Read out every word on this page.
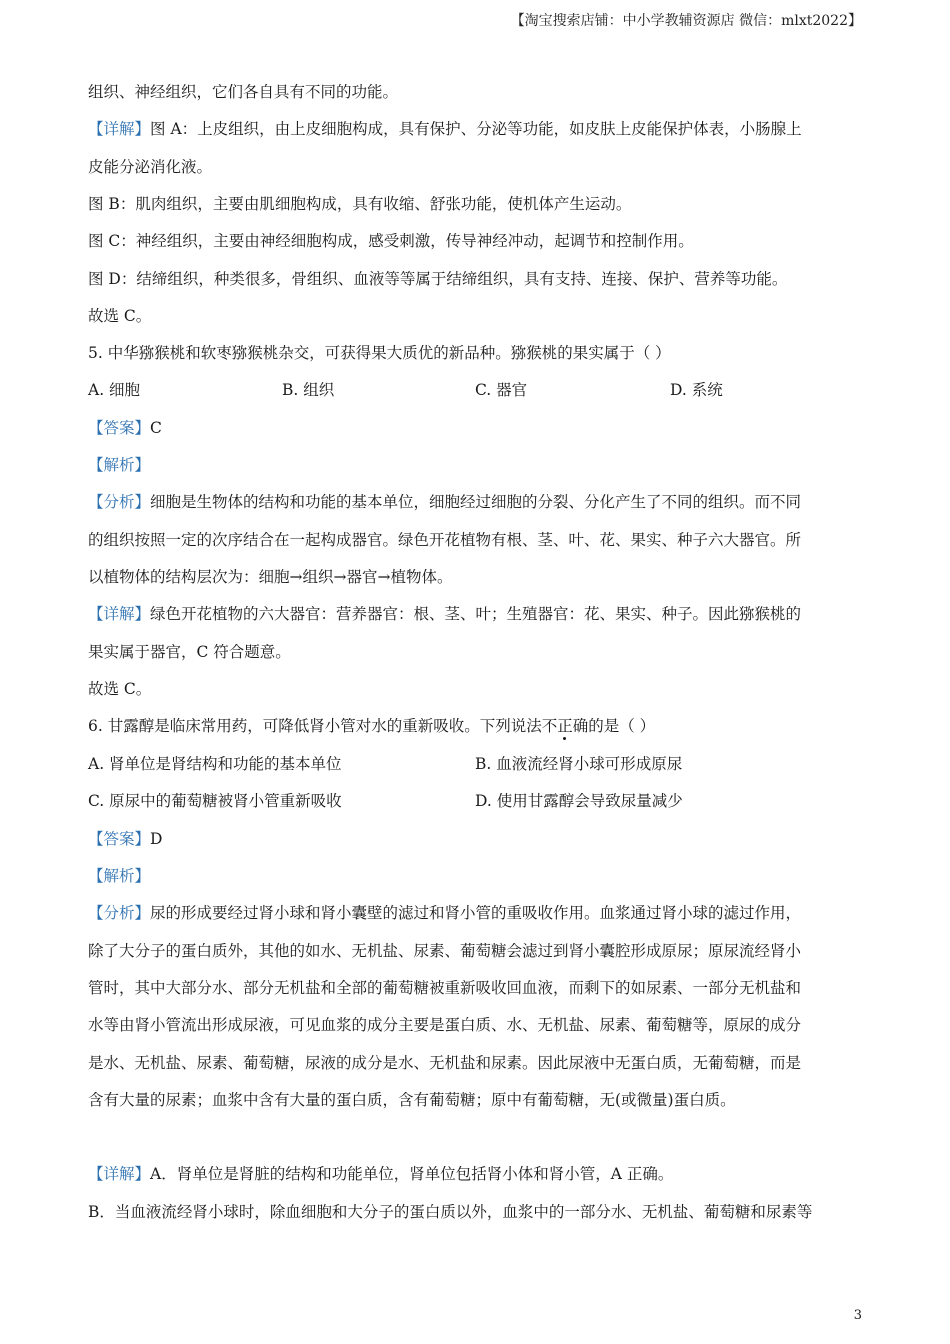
【淘宝搜索店铺：中小学教辅资源店 微信：mlxt2022】
组织、神经组织，它们各自具有不同的功能。
【详解】图 A：上皮组织，由上皮细胞构成，具有保护、分泌等功能，如皮肤上皮能保护体表，小肠腺上
皮能分泌消化液。
图 B：肌肉组织，主要由肌细胞构成，具有收缩、舒张功能，使机体产生运动。
图 C：神经组织，主要由神经细胞构成，感受刺激，传导神经冲动，起调节和控制作用。
图 D：结缔组织，种类很多，骨组织、血液等等属于结缔组织，具有支持、连接、保护、营养等功能。
故选 C。
5. 中华猕猴桃和软枣猕猴桃杂交，可获得果大质优的新品种。猕猴桃的果实属于（ ）
A. 细胞	B. 组织	C. 器官	D. 系统
【答案】C
【解析】
【分析】细胞是生物体的结构和功能的基本单位，细胞经过细胞的分裂、分化产生了不同的组织。而不同
的组织按照一定的次序结合在一起构成器官。绿色开花植物有根、茎、叶、花、果实、种子六大器官。所
以植物体的结构层次为：细胞→组织→器官→植物体。
【详解】绿色开花植物的六大器官：营养器官：根、茎、叶；生殖器官：花、果实、种子。因此猕猴桃的
果实属于器官，C 符合题意。
故选 C。
6. 甘露醇是临床常用药，可降低肾小管对水的重新吸收。下列说法不正确的是（ ）
A. 肾单位是肾结构和功能的基本单位	B. 血液流经肾小球可形成原尿
C. 原尿中的葡萄糖被肾小管重新吸收	D. 使用甘露醇会导致尿量减少
【答案】D
【解析】
【分析】尿的形成要经过肾小球和肾小囊壁的滤过和肾小管的重吸收作用。血浆通过肾小球的滤过作用，
除了大分子的蛋白质外，其他的如水、无机盐、尿素、葡萄糖会滤过到肾小囊腔形成原尿；原尿流经肾小
管时，其中大部分水、部分无机盐和全部的葡萄糖被重新吸收回血液，而剩下的如尿素、一部分无机盐和
水等由肾小管流出形成尿液，可见血浆的成分主要是蛋白质、水、无机盐、尿素、葡萄糖等，原尿的成分
是水、无机盐、尿素、葡萄糖，尿液的成分是水、无机盐和尿素。因此尿液中无蛋白质，无葡萄糖，而是
含有大量的尿素；血浆中含有大量的蛋白质，含有葡萄糖；原中有葡萄糖，无(或微量)蛋白质。
【详解】A．肾单位是肾脏的结构和功能单位，肾单位包括肾小体和肾小管，A 正确。
B．当血液流经肾小球时，除血细胞和大分子的蛋白质以外，血浆中的一部分水、无机盐、葡萄糖和尿素等
3
